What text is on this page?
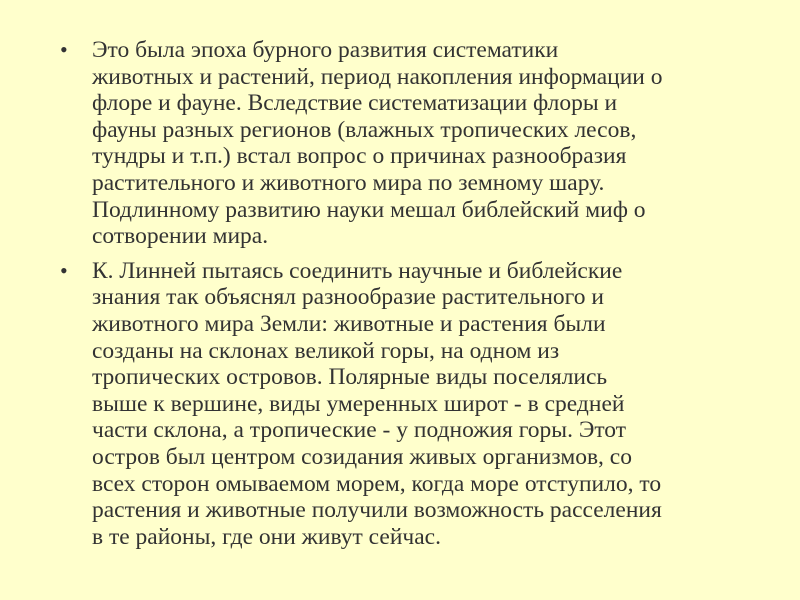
• Это была эпоха бурного развития систематики
животных и растений, период накопления информации о
флоре и фауне. Вследствие систематизации флоры и
фауны разных регионов (влажных тропических лесов,
тундры и т.п.) встал вопрос о причинах разнообразия
растительного и животного мира по земному шару.
Подлинному развитию науки мешал библейский миф о
сотворении мира.
• К. Линней пытаясь соединить научные и библейские
знания так объяснял разнообразие растительного и
животного мира Земли: животные и растения были
созданы на склонах великой горы, на одном из
тропических островов. Полярные виды поселялись
выше к вершине, виды умеренных широт - в средней
части склона, а тропические - у подножия горы. Этот
остров был центром созидания живых организмов, со
всех сторон омываемом морем, когда море отступило, то
растения и животные получили возможность расселения
в те районы, где они живут сейчас.
